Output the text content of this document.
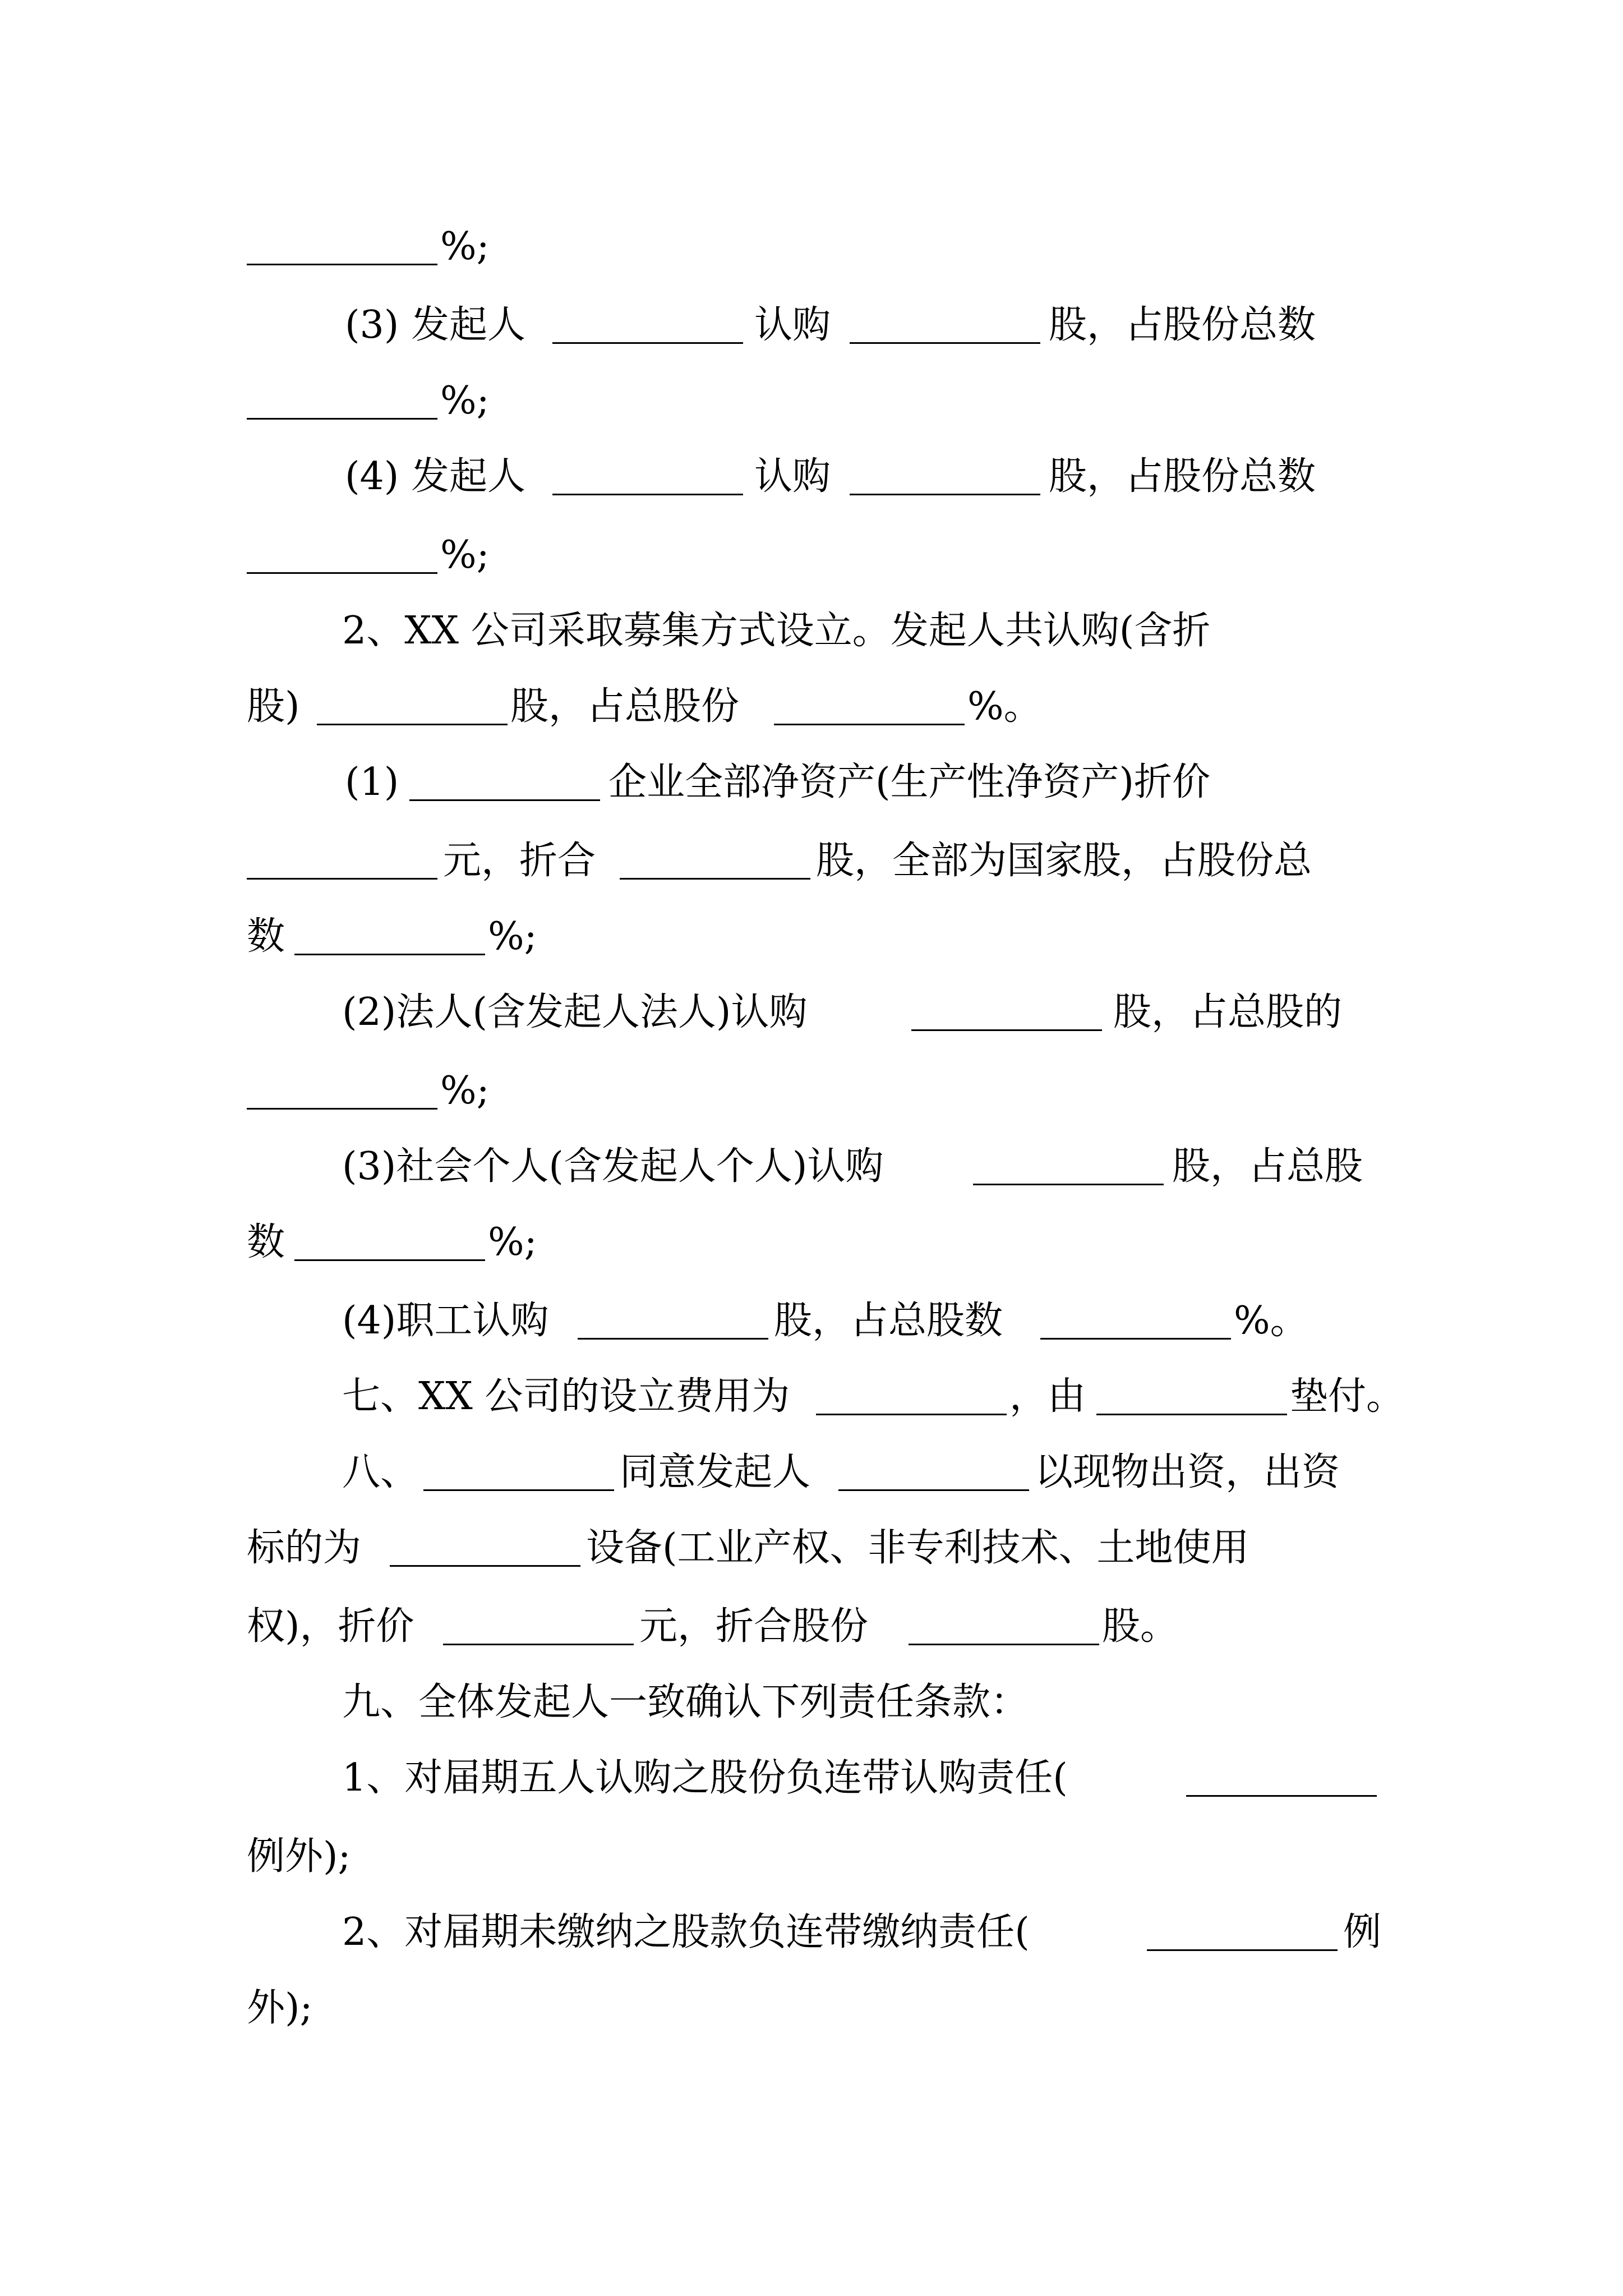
%;
(3) 发起人	认购	股，占股份总数
%;
(4) 发起人	认购	股，占股份总数
%;
2、XX 公司采取募集方式设立。发起人共认购(含折
股)	股，占总股份	%。
(1)	企业全部净资产(生产性净资产)折价
元，折合	股，全部为国家股，占股份总
数	%;
(2)法人(含发起人法人)认购	股，占总股的
%;
(3)社会个人(含发起人个人)认购	股，占总股
数	%;
(4)职工认购	股，占总股数	%。
七、XX 公司的设立费用为	，由	垫付。
八、	同意发起人	以现物出资，出资
标的为	设备(工业产权、非专利技术、土地使用
权)，折价	元，折合股份	股。
九、全体发起人一致确认下列责任条款：
1、对届期五人认购之股份负连带认购责任(
例外);
2、对届期未缴纳之股款负连带缴纳责任(	例
外);
